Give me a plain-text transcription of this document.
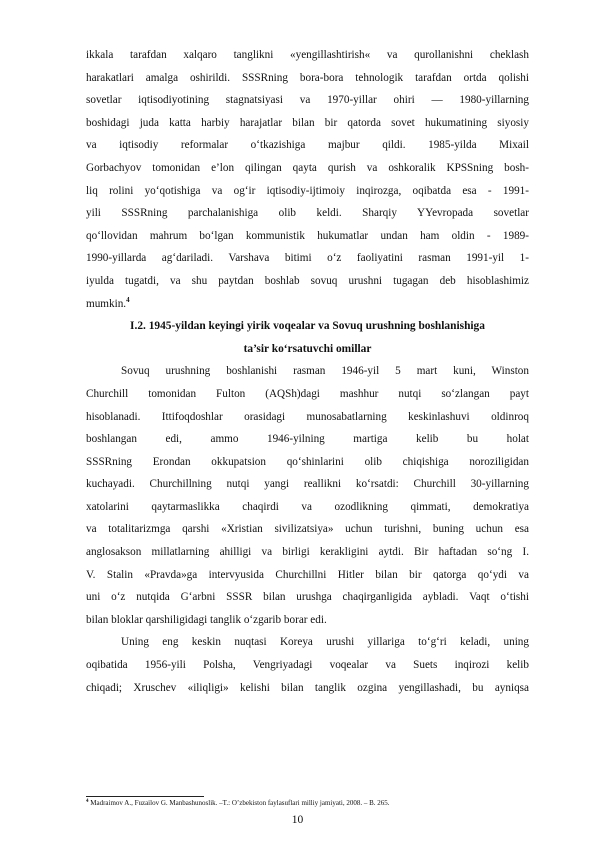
ikkala tarafdan xalqaro tanglikni «yengillashtirish« va qurollanishni cheklash
harakatlari amalga oshirildi. SSSRning bora-bora tehnologik tarafdan ortda qolishi
sovetlar iqtisodiyotining stagnatsiyasi va 1970-yillar ohiri — 1980-yillarning
boshidagi juda katta harbiy harajatlar bilan bir qatorda sovet hukumatining siyosiy
va iqtisodiy reformalar o‘tkazishiga majbur qildi. 1985-yilda Mixail
Gorbachyov tomonidan e’lon qilingan qayta qurish va oshkoralik KPSSning bosh-
liq rolini yo‘qotishiga va og‘ir iqtisodiy-ijtimoiy inqirozga, oqibatda esa - 1991-
yili SSSRning parchalanishiga olib keldi. Sharqiy YYevropada sovetlar
qo‘llovidan mahrum bo‘lgan kommunistik hukumatlar undan ham oldin - 1989-
1990-yillarda ag‘darіladi. Varshava bitimi o‘z faoliyatini rasman 1991-yil 1-
iyulda tugatdi, va shu paytdan boshlab sovuq urushni tugagan deb hisoblashimiz
mumkin.$^4$

I.2. 1945-yildan keyingi yirik voqealar va Sovuq urushning boshlanishiga
ta’sir ko‘rsatuvchi omillar

Sovuq urushning boshlanishi rasman 1946-yil 5 mart kuni, Winston
Churchill tomonidan Fulton (AQSh)dagi mashhur nutqi so‘zlangan payt
hisoblanadi. Ittifoqdoshlar orasidagi munosabatlarning keskinlashuvi oldinroq
boshlangan edi, ammo 1946-yilning martiga kelib bu holat
SSSRning Erondan okkupatsion qo‘shinlarini olib chiqishiga noroziligidan
kuchayadi. Churchillning nutqi yangi reallikni ko‘rsatdi: Churchill 30-yillarning
xatolarini qaytarmaslikka chaqirdi va ozodlikning qimmati, demokratiya
va totalitarizmga qarshi «Xristian sivilizatsiya» uchun turishni, buning uchun esa
anglosakson millatlarning ahilligi va birligi kerakligini aytdi. Bir haftadan so‘ng I.
V. Stalin «Pravda»ga intervyusida Churchillni Hitler bilan bir qatorga qo‘ydi va
uni o‘z nutqida G‘arbni SSSR bilan urushga chaqirganligida aybladi. Vaqt o‘tishi
bilan bloklar qarshiligidagi tanglik o‘zgarib borar edi.

Uning eng keskin nuqtasi Koreya urushi yillariga to‘g‘ri keladi, uning
oqibatida 1956-yili Polsha, Vengriyadagi voqealar va Suets inqirozi kelib
chiqadi; Xruschev «iliqligi» kelishi bilan tanglik ozgina yengillashadi, bu ayniqsa

$^4$ Madraimov A., Fuzailov G. Manbashunoslik. –T.: O’zbekiston faylasuflari milliy jamiyati, 2008. – B. 265.
10
